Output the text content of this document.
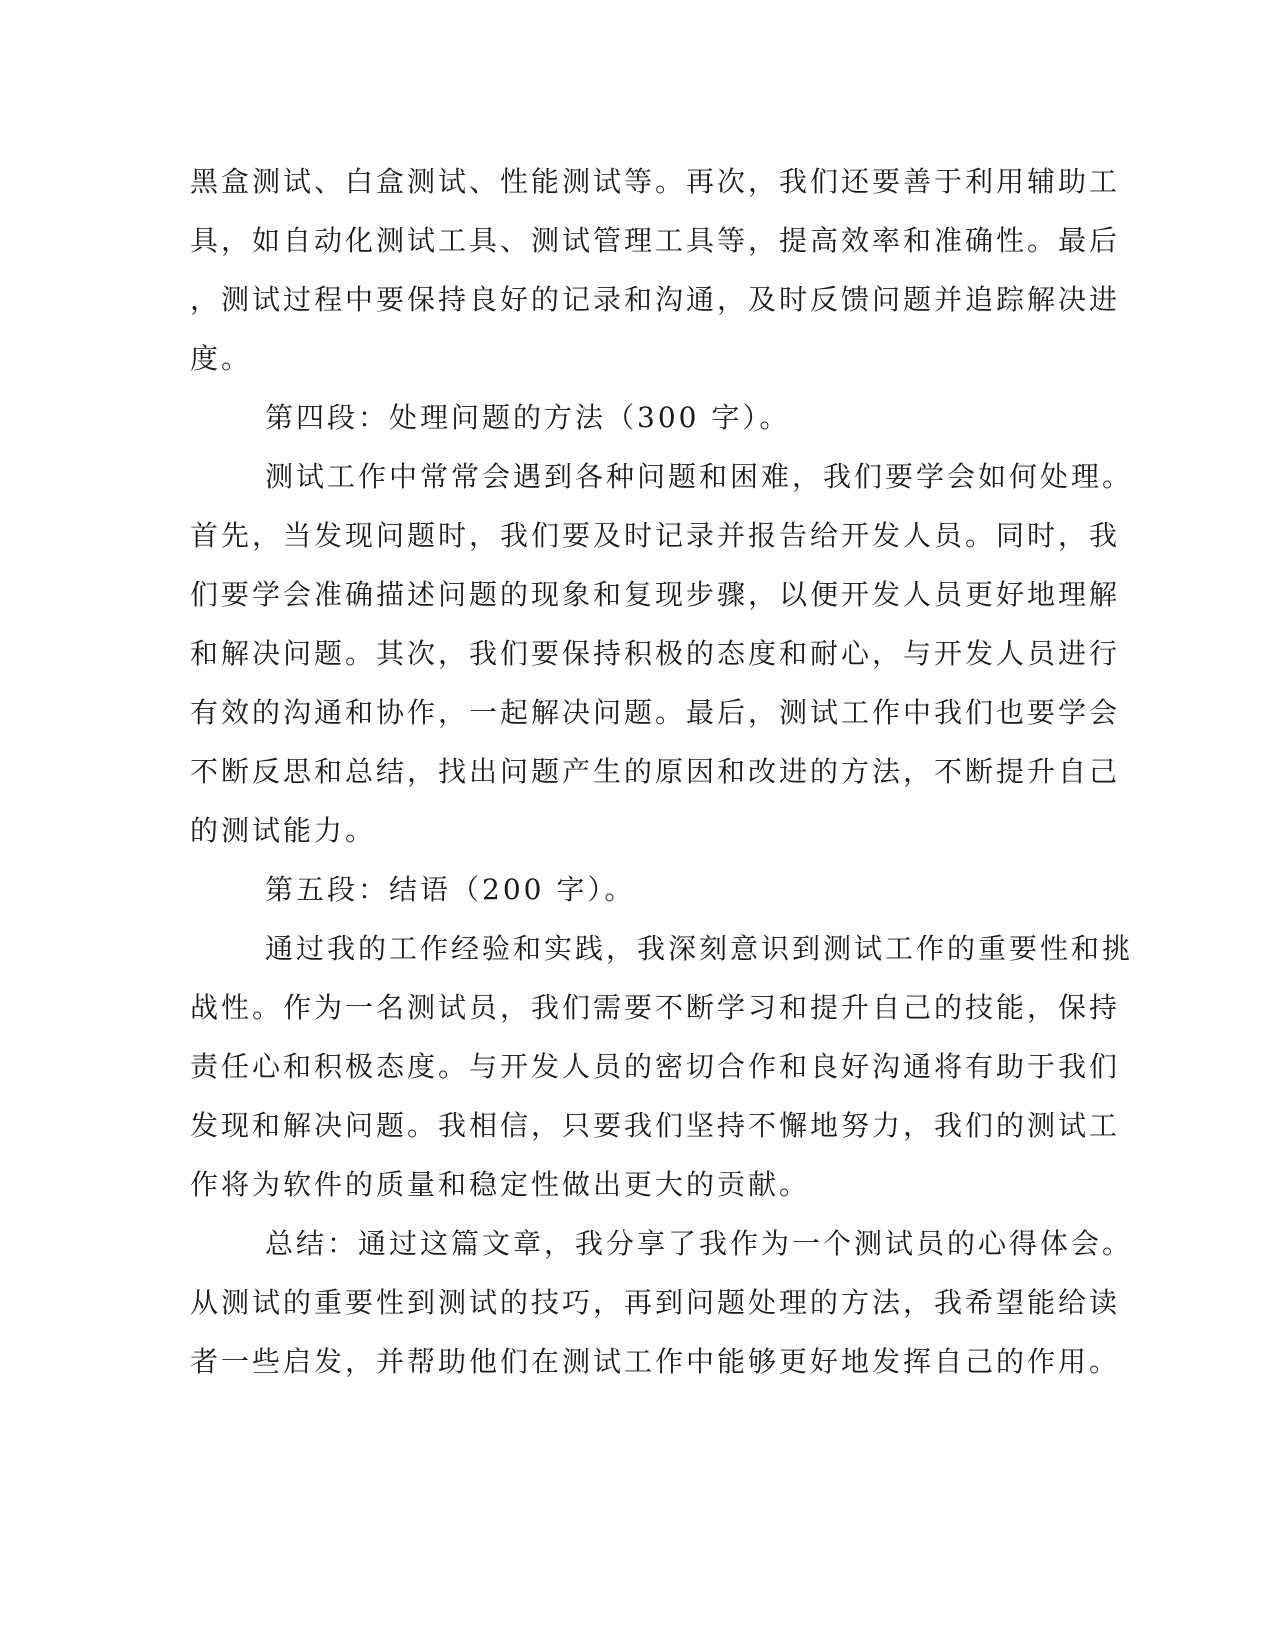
黑盒测试、白盒测试、性能测试等。再次，我们还要善于利用辅助工
具，如自动化测试工具、测试管理工具等，提高效率和准确性。最后
，测试过程中要保持良好的记录和沟通，及时反馈问题并追踪解决进
度。
第四段：处理问题的方法（300 字）。
测试工作中常常会遇到各种问题和困难，我们要学会如何处理。
首先，当发现问题时，我们要及时记录并报告给开发人员。同时，我
们要学会准确描述问题的现象和复现步骤，以便开发人员更好地理解
和解决问题。其次，我们要保持积极的态度和耐心，与开发人员进行
有效的沟通和协作，一起解决问题。最后，测试工作中我们也要学会
不断反思和总结，找出问题产生的原因和改进的方法，不断提升自己
的测试能力。
第五段：结语（200 字）。
通过我的工作经验和实践，我深刻意识到测试工作的重要性和挑
战性。作为一名测试员，我们需要不断学习和提升自己的技能，保持
责任心和积极态度。与开发人员的密切合作和良好沟通将有助于我们
发现和解决问题。我相信，只要我们坚持不懈地努力，我们的测试工
作将为软件的质量和稳定性做出更大的贡献。
总结：通过这篇文章，我分享了我作为一个测试员的心得体会。
从测试的重要性到测试的技巧，再到问题处理的方法，我希望能给读
者一些启发，并帮助他们在测试工作中能够更好地发挥自己的作用。
